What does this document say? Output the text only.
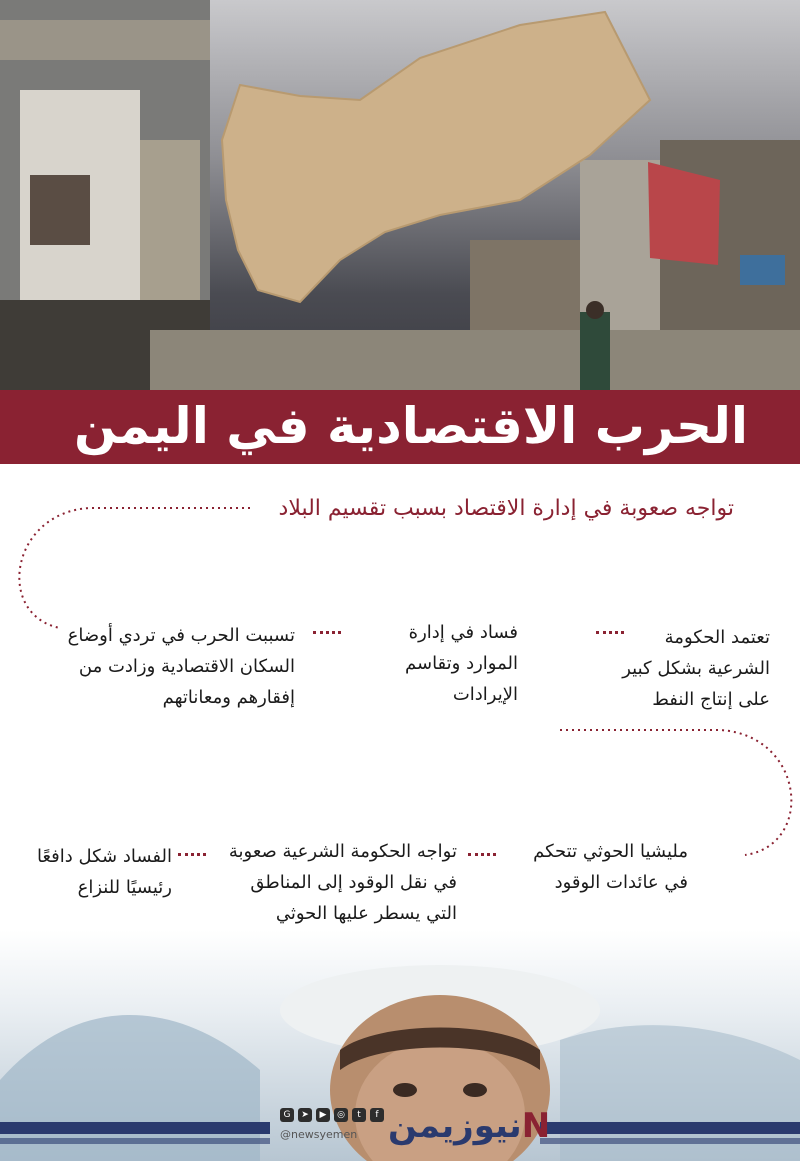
الحرب الاقتصادية في اليمن
تواجه صعوبة في إدارة الاقتصاد بسبب تقسيم البلاد
تعتمد الحكومة
الشرعية بشكل كبير
على إنتاج النفط
فساد في إدارة
الموارد وتقاسم
الإيرادات
تسببت الحرب في تردي أوضاع
السكان الاقتصادية وزادت من
إفقارهم ومعاناتهم
مليشيا الحوثي تتحكم
في عائدات الوقود
تواجه الحكومة الشرعية صعوبة
في نقل الوقود إلى المناطق
التي يسطر عليها الحوثي
الفساد شكل دافعًا
رئيسيًا للنزاع
G	➤	▶	◎	t	f
@newsyemen	Nنيوزيمن
